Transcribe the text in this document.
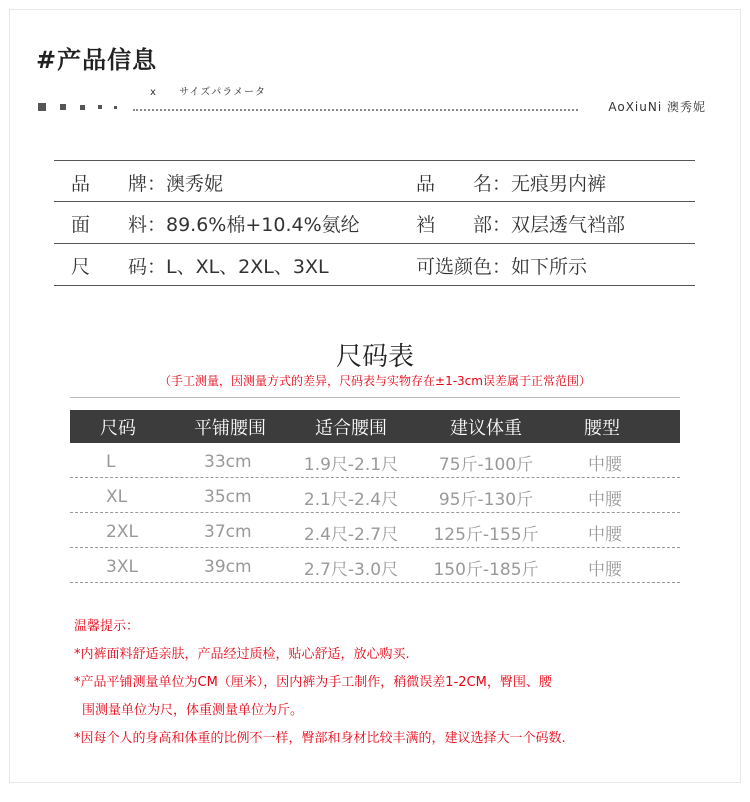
#产品信息
x サイズパラメータ
AoXiuNi 澳秀妮
品　　牌：澳秀妮	品　　名：无痕男内裤
面　　料：89.6%棉+10.4%氨纶	裆　　部：双层透气裆部
尺　　码：L、XL、2XL、3XL	可选颜色：如下所示
尺码表
（手工测量，因测量方式的差异，尺码表与实物存在±1-3cm误差属于正常范围）
尺码	平铺腰围	适合腰围	建议体重	腰型
L	33cm	1.9尺-2.1尺	75斤-100斤	中腰
XL	35cm	2.1尺-2.4尺	95斤-130斤	中腰
2XL	37cm	2.4尺-2.7尺	125斤-155斤	中腰
3XL	39cm	2.7尺-3.0尺	150斤-185斤	中腰
温馨提示：
*内裤面料舒适亲肤，产品经过质检，贴心舒适，放心购买.
*产品平铺测量单位为CM（厘米），因内裤为手工制作，稍微误差1-2CM，臀围、腰
围测量单位为尺，体重测量单位为斤。
*因每个人的身高和体重的比例不一样，臀部和身材比较丰满的，建议选择大一个码数.
